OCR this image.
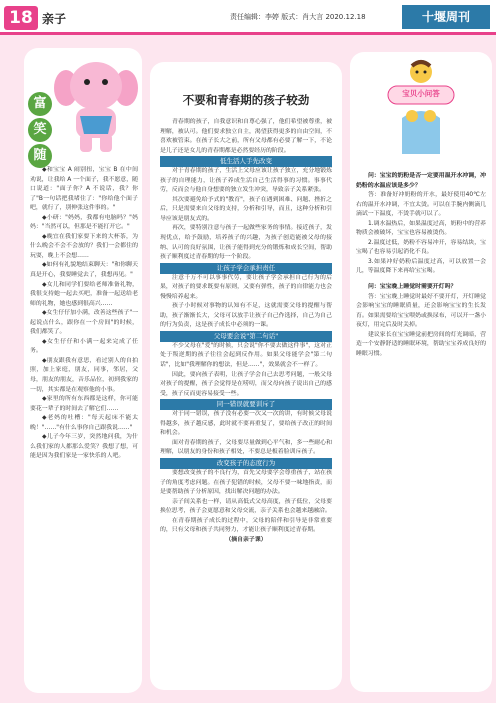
18 亲子	责任编辑：李婷 版式：肖大言 2020.12.18	十堰周刊
富
笑
随

◆和宝宝 A 闹别扭，宝宝 B 在中间劝说，让我给 A 一个面子，我不愿意，随口说道："面子你？A 不说话，我？你了"B一句话把我堵住了："你给他个面子吧，就行了，别伸张这件事的。"

◆小研："妈妈，我都有电脑吗？"妈妈："当然可以，但那是不能打开它。"

◆晚宜在我们家要下来的大杯茶，为什么晚会不会不会放的？我们一会都住的玩耍，晚上不会想……

◆如何有礼貌地结束聊天："和你聊天真是开心，我要睡觉去了，我想再见。"

◆女儿和同学们要给老师准备礼物，我很支持她一起去买吧，准备一起送给老师的礼物，她也感到很高兴……

◆女生仔仔加小满，改善这些孩子"一起说点什么，跟你在一个房间"的时候，我们都笑了。

◆女生仔仔和小满一起来完成了任务。

◆朋友跟我有意思，看过别人的自拍照，加上家庭，朋友，同事，邻居，父母，朋友的朋友，音乐品位，初到我家的一切，其实都是在观察他的小事。

◆家里的所有东西都是这样，你可能要花一辈子的时间去了解它们……

◆老妈的吐槽："每天起床不能太晚！"……"有什么事你自己跟我说……"

◆儿子今年三岁，突然地问我，为什么我们家的人都那么爱笑？我想了想，可能是因为我们家是一家快乐的人吧。

不要和青春期的孩子较劲

青春期的孩子，自我意识和自尊心强了，他们希望被尊重，被理解，被认可。他们要求独立自主，渴望获得更多的自由空间，不喜欢被管束。在孩子长大之前，所有父母都有必要了解一下，不论是儿子还是女儿的青春期都是必然要经历的阶段。

低生活人手先改变

对于青春期的孩子，生活上父母应该让孩子独立，充分地锻炼孩子的自理能力，让孩子养成生活自己生活得事的习惯。事事代劳，反而会与他自身想要的独立发生冲突，导致亲子关系紧张。

其次要避免给予式的"教育"，孩子在遇到困难、问题、挫折之后，只是需要来自父母的支持，分析和引导，而且，这种分析和引导应该是朋友式的。

再次，要特别注意与孩子一起做些家务的事情。接近孩子，发现优点，给予鼓励，培养孩子的兴趣，为孩子创造能被父母的接纳、认可的良好氛围，让孩子能得到充分的锻炼和成长空间，帮助孩子顺利度过青春期的每一个阶段。

让孩子学会承担责任

注意千万不可以事事代劳，要让孩子学会承担自己行为的后果，对孩子的要求既要有原则，又要有弹性，孩子的自律能力也会慢慢培养起来。

孩子小时候对事物的认知有不足，这就需要父母的提醒与帮助，孩子渐渐长大，父母可以放手让孩子自己作选择，自己为自己的行为负责，这是孩子成长中必须的一课。

父母要会说"第二句话"

不少父母在"爱"的时候，只会说"你不要去做这件事"，这对正处于叛逆期的孩子往往会起到反作用。如果父母能学会"第二句话"，比如"我理解你的想法，但是……"，效果就会不一样了。

因此，要向孩子表明，让孩子学会自己去思考问题，一般父母对孩子的提醒，孩子会觉得是在唠叨，而父母向孩子说出自己的感受，孩子反而更容易接受一些。

同一错误就要训斥了

对于同一错误，孩子没有必要一次又一次的讲，有时候父母说得越多，孩子越反感，此时就不要再重复了，要给孩子改正的时间和机会。

面对青春期的孩子，父母要尽量做到心平气和，多一些耐心和理解，以朋友的身份和孩子相处，不要总是板着脸训斥孩子。

改变孩子的态度行为

要想改变孩子的不良行为，首先父母要学会尊重孩子，站在孩子的角度考虑问题。在孩子犯错的时候，父母不要一味地指责，而是要帮助孩子分析原因，找出解决问题的办法。

亲子间关系也一样，请从高低式父母高度，孩子低位，父母要换位思考，孩子会更愿意和父母交流，亲子关系也会越来越融洽。

在青春期孩子成长的过程中，父母的陪伴和引导是非常重要的，只有父母和孩子共同努力，才能让孩子顺利度过青春期。

（摘自亲子课）

宝贝小问答

问：宝宝的奶粉是否一定要用温开水冲调，冲奶粉的水温应该是多少？

答：准备好冲奶粉的开水，最好使用40℃左右的温开水冲调，不宜太烫。可以在手腕内侧滴几滴试一下温度，不烫手就可以了。

1.调水温热后，如果温度过高，奶粉中的营养物质会被破坏，宝宝也容易被烫伤。

2.温度过低，奶粉不容易冲开，容易结块，宝宝喝了也容易引起消化不良。

3.如果冲好奶粉后温度过高，可以放置一会儿，等温度降下来再给宝宝喝。

问：宝宝晚上睡觉时需要开灯吗？

答：宝宝晚上睡觉时最好不要开灯，开灯睡觉会影响宝宝的睡眠质量，还会影响宝宝的生长发育。如果需要给宝宝喂奶或换尿布，可以开一盏小夜灯，用完后及时关掉。

建议家长在宝宝睡觉前把房间的灯光调暗，营造一个安静舒适的睡眠环境，帮助宝宝养成良好的睡眠习惯。
